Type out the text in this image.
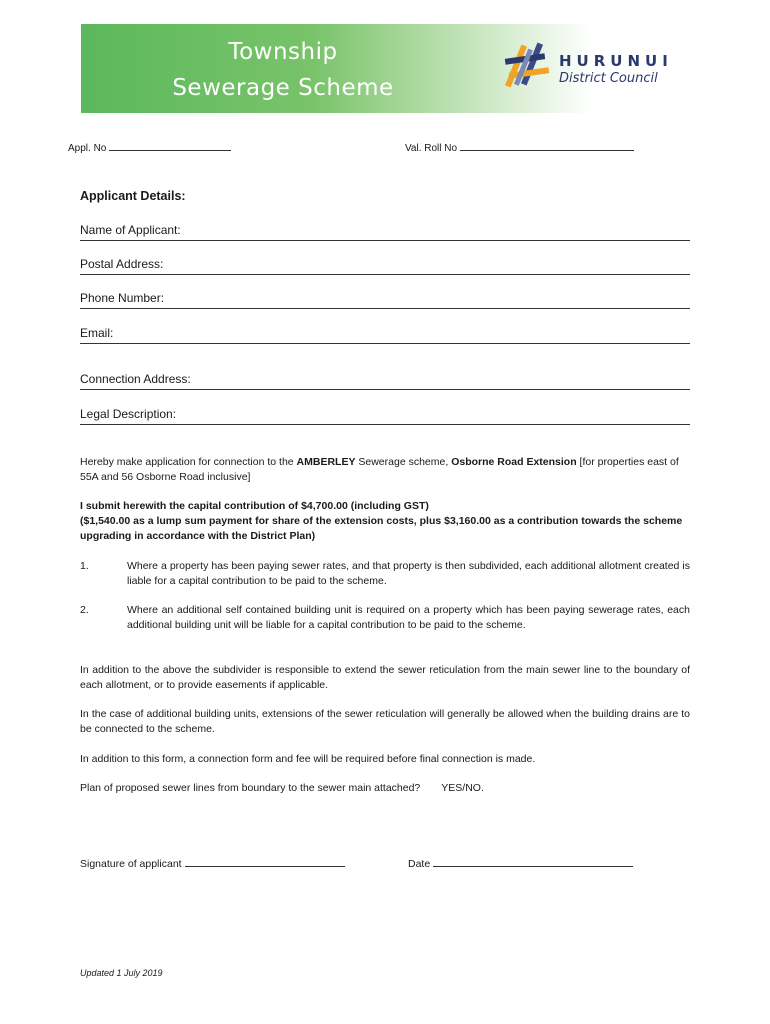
Township
Sewerage Scheme
HURUNUI
District Council
Appl. No	Val. Roll No
Applicant Details:
Name of Applicant:
Postal Address:
Phone Number:
Email:
Connection Address:
Legal Description:

Hereby make application for connection to the AMBERLEY Sewerage scheme, Osborne Road Extension [for properties east of 55A and 56 Osborne Road inclusive]

I submit herewith the capital contribution of $4,700.00 (including GST)

($1,540.00 as a lump sum payment for share of the extension costs, plus $3,160.00 as a contribution towards the scheme upgrading in accordance with the District Plan)

1.	Where a property has been paying sewer rates, and that property is then subdivided, each additional allotment created is liable for a capital contribution to be paid to the scheme.

2.	Where an additional self contained building unit is required on a property which has been paying sewerage rates, each additional building unit will be liable for a capital contribution to be paid to the scheme.

In addition to the above the subdivider is responsible to extend the sewer reticulation from the main sewer line to the boundary of each allotment, or to provide easements if applicable.

In the case of additional building units, extensions of the sewer reticulation will generally be allowed when the building drains are to be connected to the scheme.

In addition to this form, a connection form and fee will be required before final connection is made.

Plan of proposed sewer lines from boundary to the sewer main attached? YES/NO.

Signature of applicant	Date
Updated 1 July 2019
